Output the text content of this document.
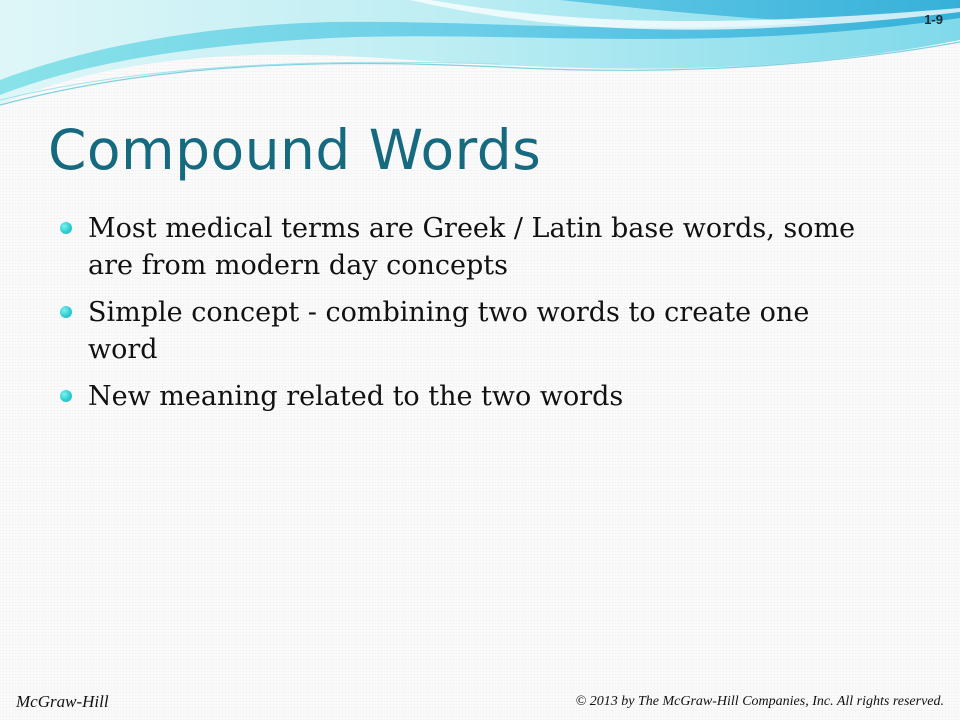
1-9
Compound Words
Most medical terms are Greek / Latin base words, some are from modern day concepts
Simple concept - combining two words to create one word
New meaning related to the two words
McGraw-Hill	© 2013 by The McGraw-Hill Companies, Inc. All rights reserved.
